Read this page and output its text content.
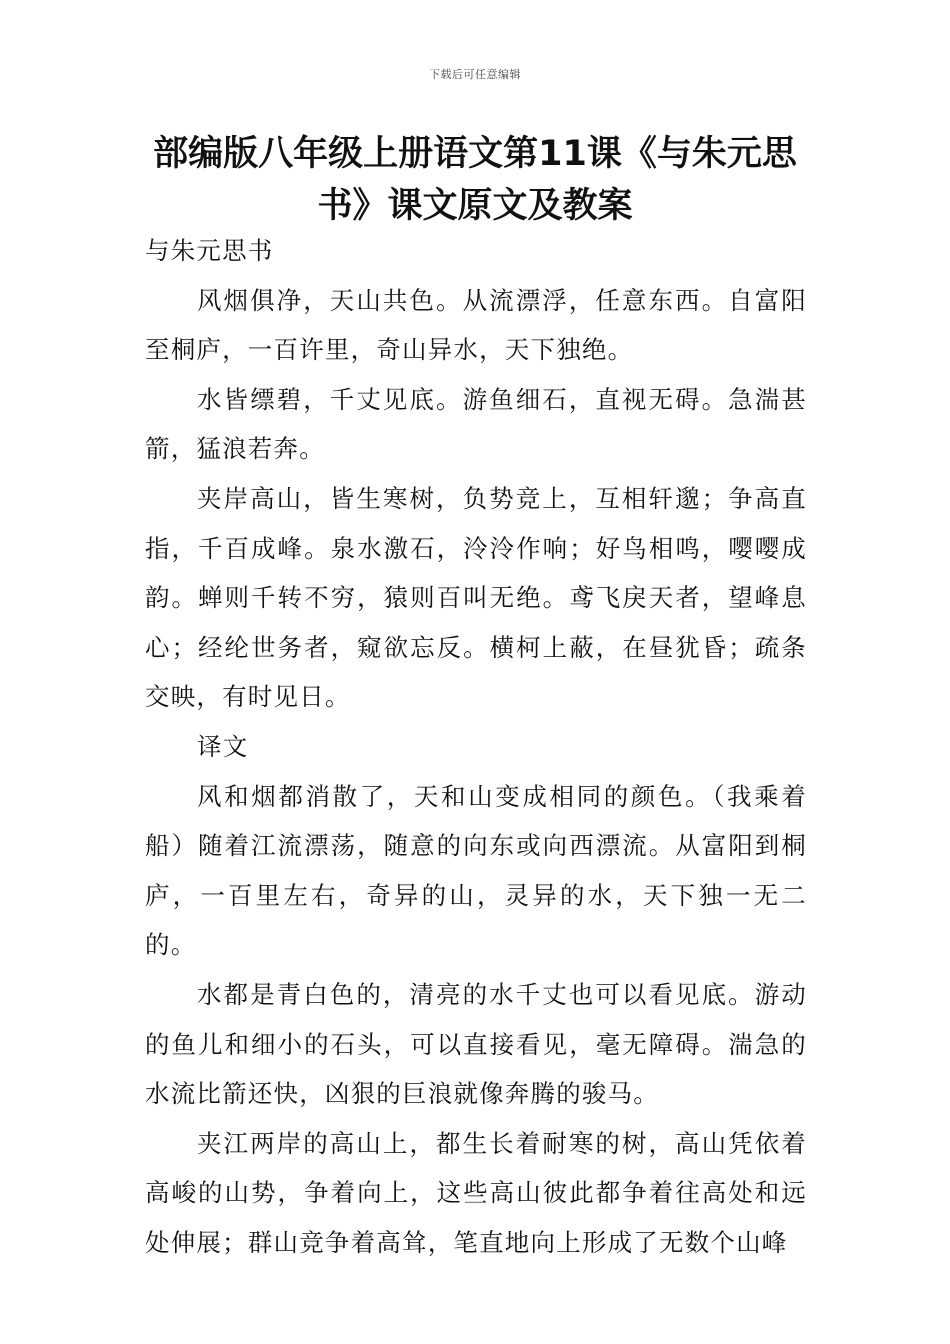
下载后可任意编辑
部编版八年级上册语文第11课《与朱元思书》课文原文及教案

与朱元思书

风烟俱净，天山共色。从流漂浮，任意东西。自富阳至桐庐，一百许里，奇山异水，天下独绝。

水皆缥碧，千丈见底。游鱼细石，直视无碍。急湍甚箭，猛浪若奔。

夹岸高山，皆生寒树，负势竞上，互相轩邈；争高直指，千百成峰。泉水激石，泠泠作响；好鸟相鸣，嘤嘤成韵。蝉则千转不穷，猿则百叫无绝。鸢飞戾天者，望峰息心；经纶世务者，窥欲忘反。横柯上蔽，在昼犹昏；疏条交映，有时见日。

译文

风和烟都消散了，天和山变成相同的颜色。（我乘着船）随着江流漂荡，随意的向东或向西漂流。从富阳到桐庐，一百里左右，奇异的山，灵异的水，天下独一无二的。

水都是青白色的，清亮的水千丈也可以看见底。游动的鱼儿和细小的石头，可以直接看见，毫无障碍。湍急的水流比箭还快，凶狠的巨浪就像奔腾的骏马。

夹江两岸的高山上，都生长着耐寒的树，高山凭依着高峻的山势，争着向上，这些高山彼此都争着往高处和远处伸展；群山竞争着高耸，笔直地向上形成了无数个山峰
